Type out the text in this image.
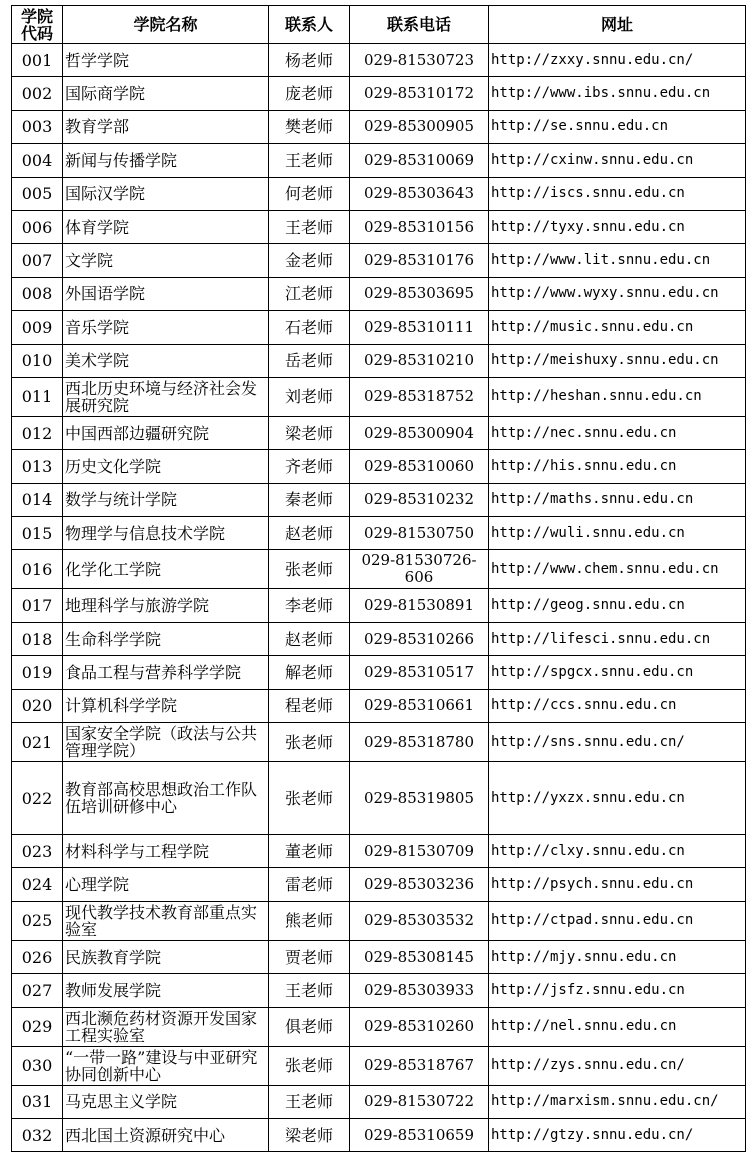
学院代码	学院名称	联系人	联系电话	网址
001	哲学学院	杨老师	029-81530723	http://zxxy.snnu.edu.cn/
002	国际商学院	庞老师	029-85310172	http://www.ibs.snnu.edu.cn
003	教育学部	樊老师	029-85300905	http://se.snnu.edu.cn
004	新闻与传播学院	王老师	029-85310069	http://cxinw.snnu.edu.cn
005	国际汉学院	何老师	029-85303643	http://iscs.snnu.edu.cn
006	体育学院	王老师	029-85310156	http://tyxy.snnu.edu.cn
007	文学院	金老师	029-85310176	http://www.lit.snnu.edu.cn
008	外国语学院	江老师	029-85303695	http://www.wyxy.snnu.edu.cn
009	音乐学院	石老师	029-85310111	http://music.snnu.edu.cn
010	美术学院	岳老师	029-85310210	http://meishuxy.snnu.edu.cn
011	西北历史环境与经济社会发展研究院	刘老师	029-85318752	http://heshan.snnu.edu.cn
012	中国西部边疆研究院	梁老师	029-85300904	http://nec.snnu.edu.cn
013	历史文化学院	齐老师	029-85310060	http://his.snnu.edu.cn
014	数学与统计学院	秦老师	029-85310232	http://maths.snnu.edu.cn
015	物理学与信息技术学院	赵老师	029-81530750	http://wuli.snnu.edu.cn
016	化学化工学院	张老师	029-81530726-606	http://www.chem.snnu.edu.cn
017	地理科学与旅游学院	李老师	029-81530891	http://geog.snnu.edu.cn
018	生命科学学院	赵老师	029-85310266	http://lifesci.snnu.edu.cn
019	食品工程与营养科学学院	解老师	029-85310517	http://spgcx.snnu.edu.cn
020	计算机科学学院	程老师	029-85310661	http://ccs.snnu.edu.cn
021	国家安全学院（政法与公共管理学院）	张老师	029-85318780	http://sns.snnu.edu.cn/
022	教育部高校思想政治工作队伍培训研修中心	张老师	029-85319805	http://yxzx.snnu.edu.cn
023	材料科学与工程学院	董老师	029-81530709	http://clxy.snnu.edu.cn
024	心理学院	雷老师	029-85303236	http://psych.snnu.edu.cn
025	现代教学技术教育部重点实验室	熊老师	029-85303532	http://ctpad.snnu.edu.cn
026	民族教育学院	贾老师	029-85308145	http://mjy.snnu.edu.cn
027	教师发展学院	王老师	029-85303933	http://jsfz.snnu.edu.cn
029	西北濒危药材资源开发国家工程实验室	俱老师	029-85310260	http://nel.snnu.edu.cn
030	“一带一路”建设与中亚研究协同创新中心	张老师	029-85318767	http://zys.snnu.edu.cn/
031	马克思主义学院	王老师	029-81530722	http://marxism.snnu.edu.cn/
032	西北国土资源研究中心	梁老师	029-85310659	http://gtzy.snnu.edu.cn/
